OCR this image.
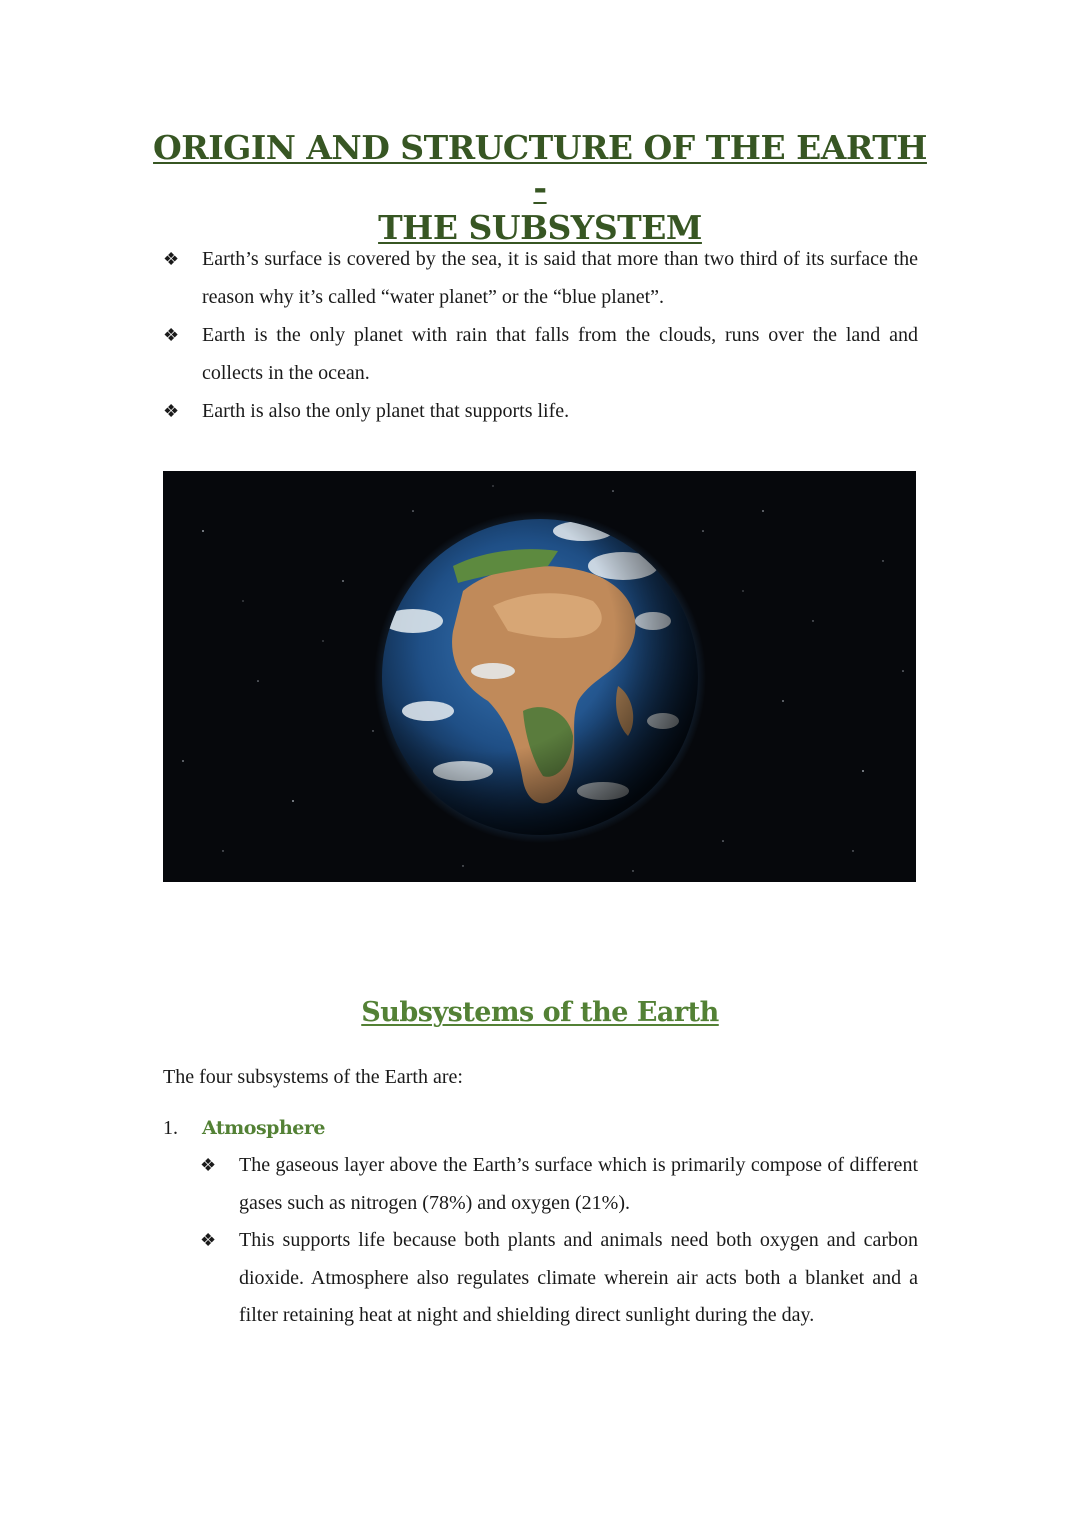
ORIGIN AND STRUCTURE OF THE EARTH -
THE SUBSYSTEM
❖ Earth’s surface is covered by the sea, it is said that more than two third of its surface the reason why it’s called “water planet” or the “blue planet”.
❖ Earth is the only planet with rain that falls from the clouds, runs over the land and collects in the ocean.
❖ Earth is also the only planet that supports life.
Subsystems of the Earth

The four subsystems of the Earth are:

1. Atmosphere
❖ The gaseous layer above the Earth’s surface which is primarily compose of different gases such as nitrogen (78%) and oxygen (21%).
❖ This supports life because both plants and animals need both oxygen and carbon dioxide. Atmosphere also regulates climate wherein air acts both a blanket and a filter retaining heat at night and shielding direct sunlight during the day.
